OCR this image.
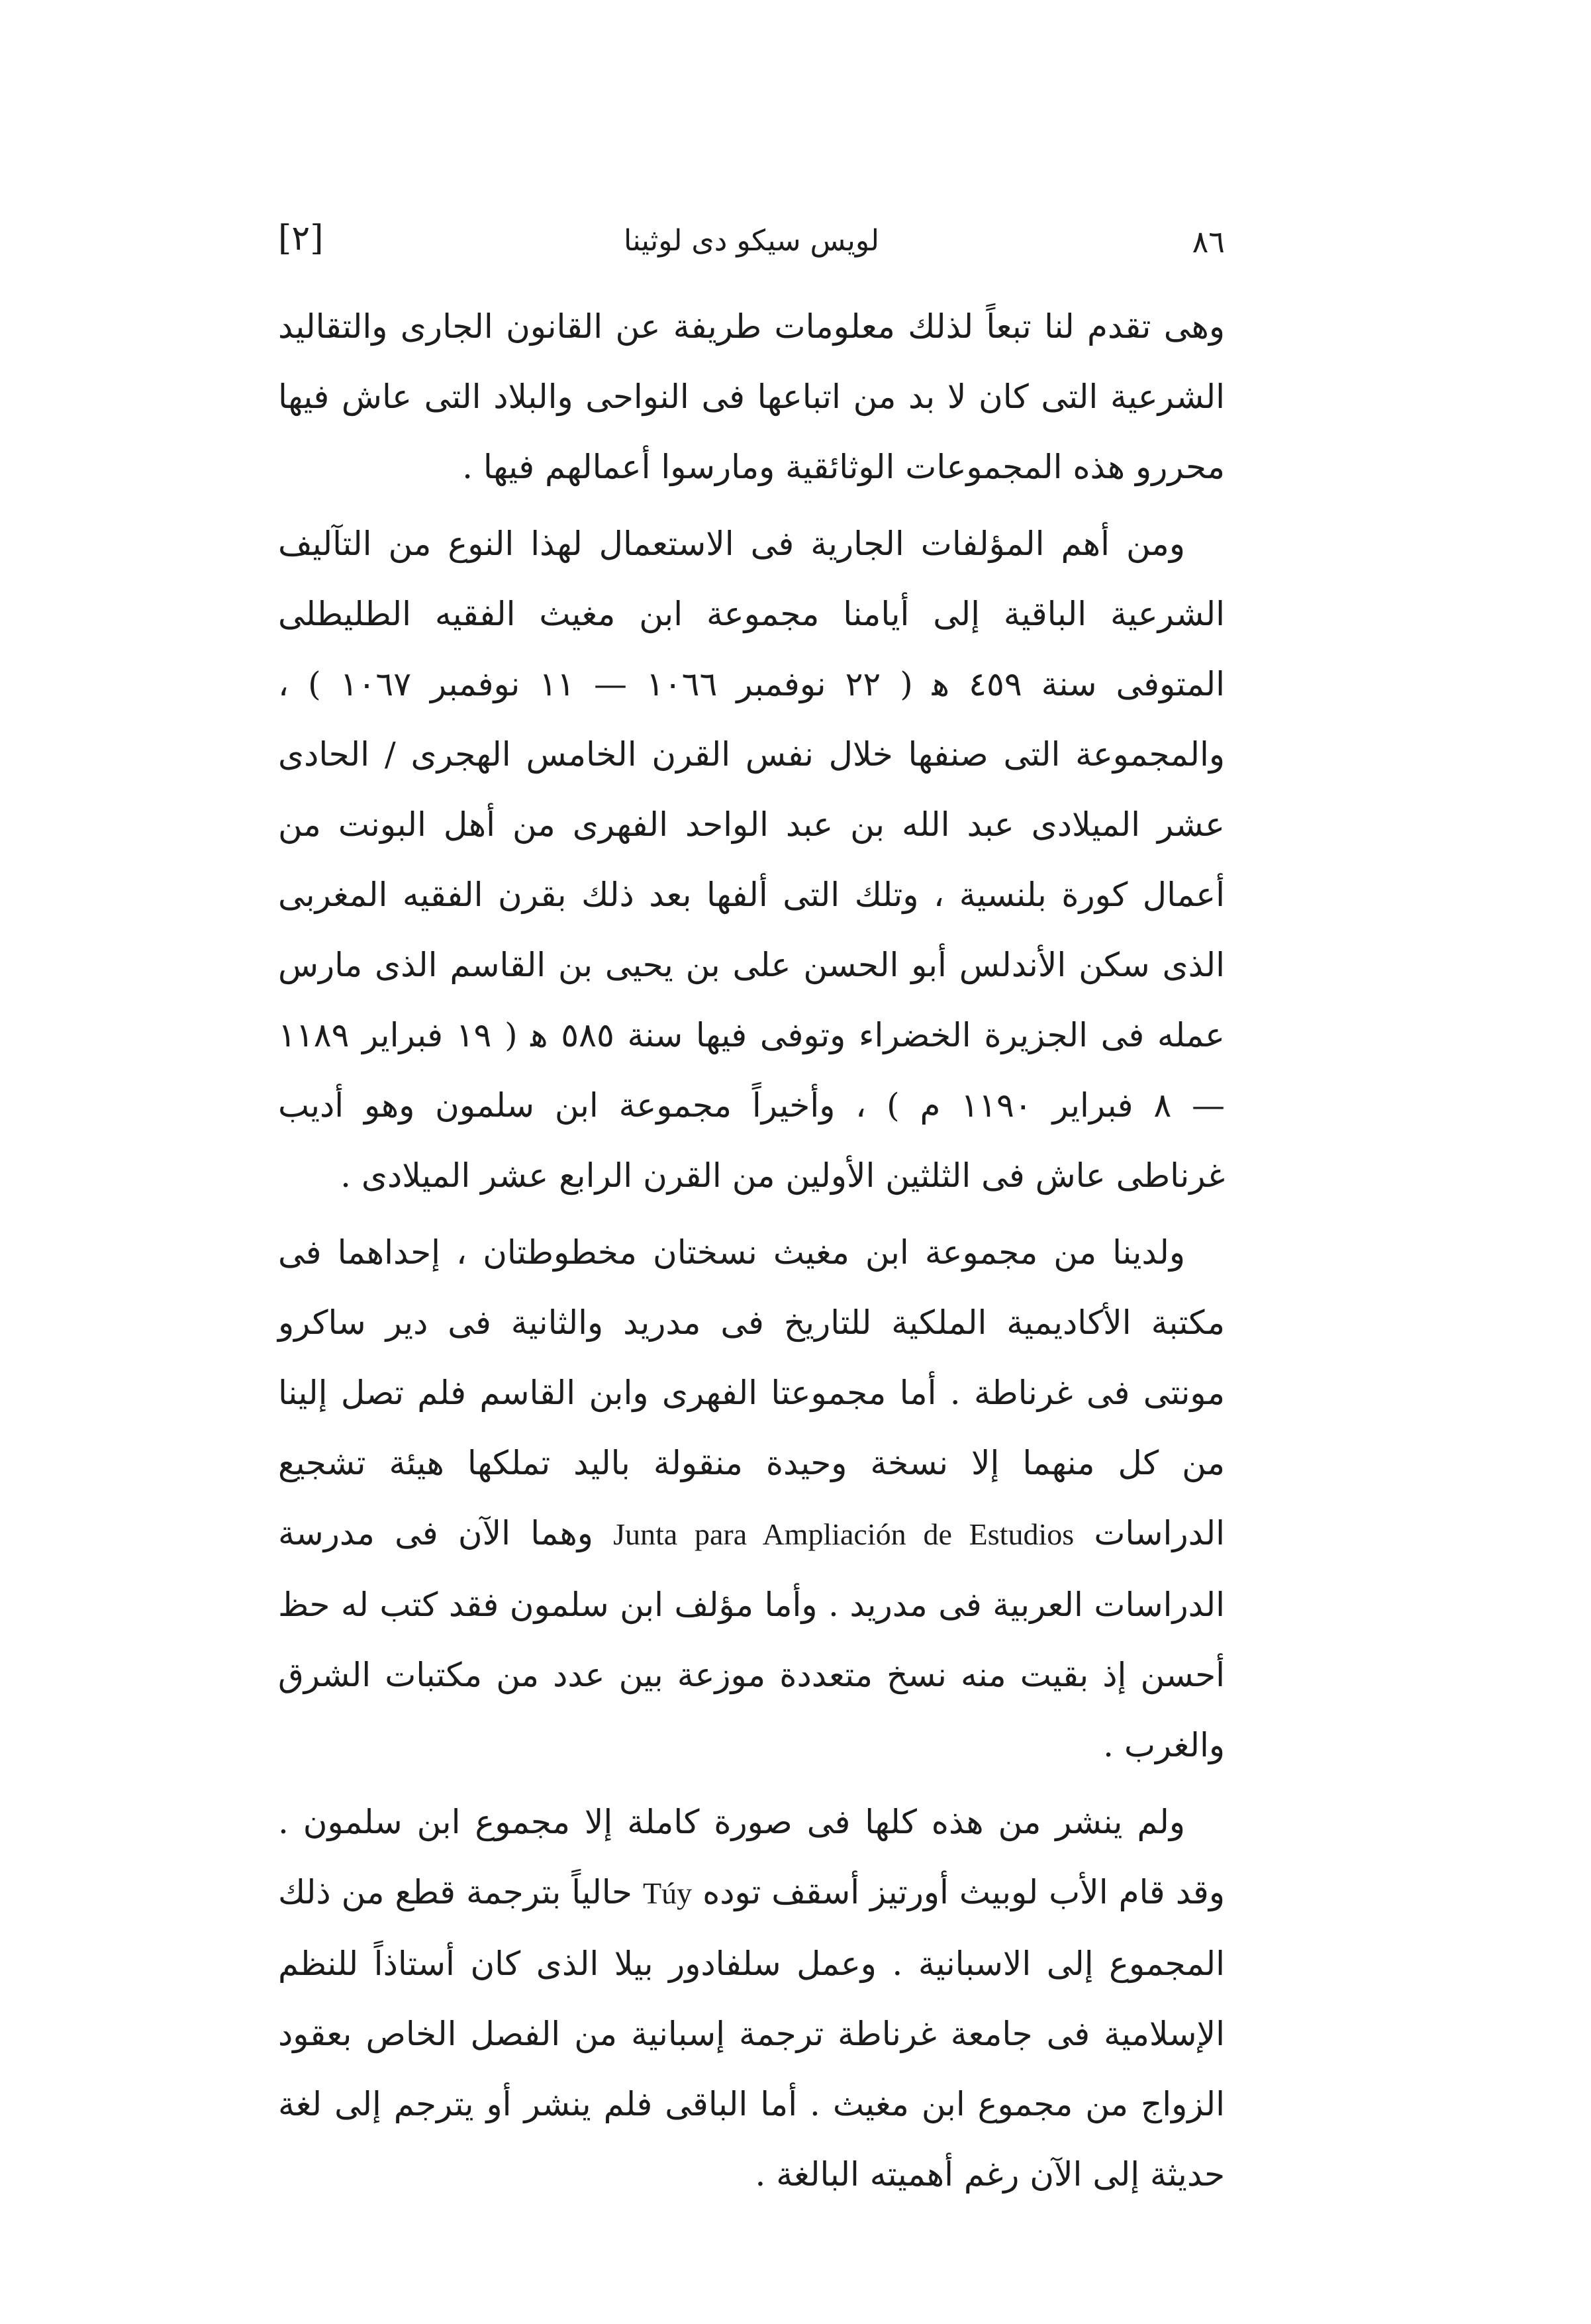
٨٦
لويس سيكو دى لوثينا
[٢]

وهى تقدم لنا تبعاً لذلك معلومات طريفة عن القانون الجارى والتقاليد الشرعية التى كان لا بد من اتباعها فى النواحى والبلاد التى عاش فيها محررو هذه المجموعات الوثائقية ومارسوا أعمالهم فيها .

ومن أهم المؤلفات الجارية فى الاستعمال لهذا النوع من التآليف الشرعية الباقية إلى أيامنا مجموعة ابن مغيث الفقيه الطليطلى المتوفى سنة ٤٥٩ ﻫ ( ٢٢ نوفمبر ١٠٦٦ — ١١ نوفمبر ١٠٦٧ ) ، والمجموعة التى صنفها خلال نفس القرن الخامس الهجرى / الحادى عشر الميلادى عبد الله بن عبد الواحد الفهرى من أهل البونت من أعمال كورة بلنسية ، وتلك التى ألفها بعد ذلك بقرن الفقيه المغربى الذى سكن الأندلس أبو الحسن على بن يحيى بن القاسم الذى مارس عمله فى الجزيرة الخضراء وتوفى فيها سنة ٥٨٥ ﻫ ( ١٩ فبراير ١١٨٩ — ٨ فبراير ١١٩٠ م ) ، وأخيراً مجموعة ابن سلمون وهو أديب غرناطى عاش فى الثلثين الأولين من القرن الرابع عشر الميلادى .

ولدينا من مجموعة ابن مغيث نسختان مخطوطتان ، إحداهما فى مكتبة الأكاديمية الملكية للتاريخ فى مدريد والثانية فى دير ساكرو مونتى فى غرناطة . أما مجموعتا الفهرى وابن القاسم فلم تصل إلينا من كل منهما إلا نسخة وحيدة منقولة باليد تملكها هيئة تشجيع الدراسات Junta para Ampliación de Estudios وهما الآن فى مدرسة الدراسات العربية فى مدريد . وأما مؤلف ابن سلمون فقد كتب له حظ أحسن إذ بقيت منه نسخ متعددة موزعة بين عدد من مكتبات الشرق والغرب .

ولم ينشر من هذه كلها فى صورة كاملة إلا مجموع ابن سلمون . وقد قام الأب لوبيث أورتيز أسقف توده Túy حالياً بترجمة قطع من ذلك المجموع إلى الاسبانية . وعمل سلفادور بيلا الذى كان أستاذاً للنظم الإسلامية فى جامعة غرناطة ترجمة إسبانية من الفصل الخاص بعقود الزواج من مجموع ابن مغيث . أما الباقى فلم ينشر أو يترجم إلى لغة حديثة إلى الآن رغم أهميته البالغة .
